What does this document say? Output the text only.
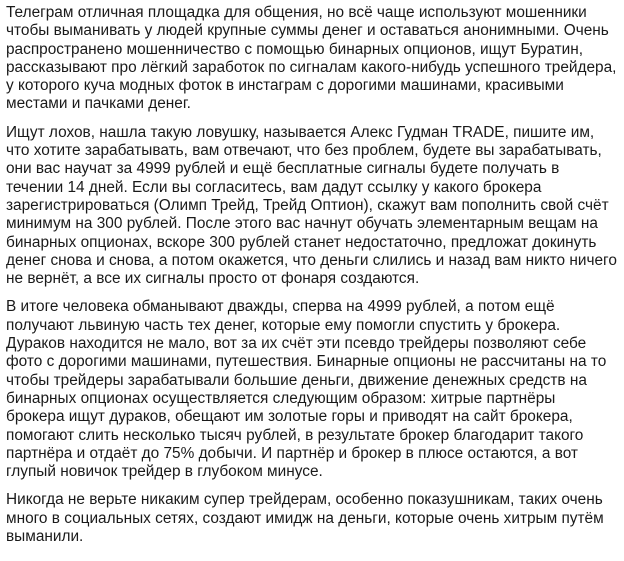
Телеграм отличная площадка для общения, но всё чаще используют мошенники чтобы выманивать у людей крупные суммы денег и оставаться анонимными. Очень распространено мошенничество с помощью бинарных опционов, ищут Буратин, рассказывают про лёгкий заработок по сигналам какого-нибудь успешного трейдера, у которого куча модных фоток в инстаграм с дорогими машинами, красивыми местами и пачками денег.

Ищут лохов, нашла такую ловушку, называется Алекс Гудман TRADE, пишите им, что хотите зарабатывать, вам отвечают, что без проблем, будете вы зарабатывать, они вас научат за 4999 рублей и ещё бесплатные сигналы будете получать в течении 14 дней. Если вы согласитесь, вам дадут ссылку у какого брокера зарегистрироваться (Олимп Трейд, Трейд Оптион), скажут вам пополнить свой счёт минимум на 300 рублей. После этого вас начнут обучать элементарным вещам на бинарных опционах, вскоре 300 рублей станет недостаточно, предложат докинуть денег снова и снова, а потом окажется, что деньги слились и назад вам никто ничего не вернёт, а все их сигналы просто от фонаря создаются.

В итоге человека обманывают дважды, сперва на 4999 рублей, а потом ещё получают львиную часть тех денег, которые ему помогли спустить у брокера. Дураков находится не мало, вот за их счёт эти псевдо трейдеры позволяют себе фото с дорогими машинами, путешествия. Бинарные опционы не рассчитаны на то чтобы трейдеры зарабатывали большие деньги, движение денежных средств на бинарных опционах осуществляется следующим образом: хитрые партнёры брокера ищут дураков, обещают им золотые горы и приводят на сайт брокера, помогают слить несколько тысяч рублей, в результате брокер благодарит такого партнёра и отдаёт до 75% добычи. И партнёр и брокер в плюсе остаются, а вот глупый новичок трейдер в глубоком минусе.

Никогда не верьте никаким супер трейдерам, особенно показушникам, таких очень много в социальных сетях, создают имидж на деньги, которые очень хитрым путём выманили.
